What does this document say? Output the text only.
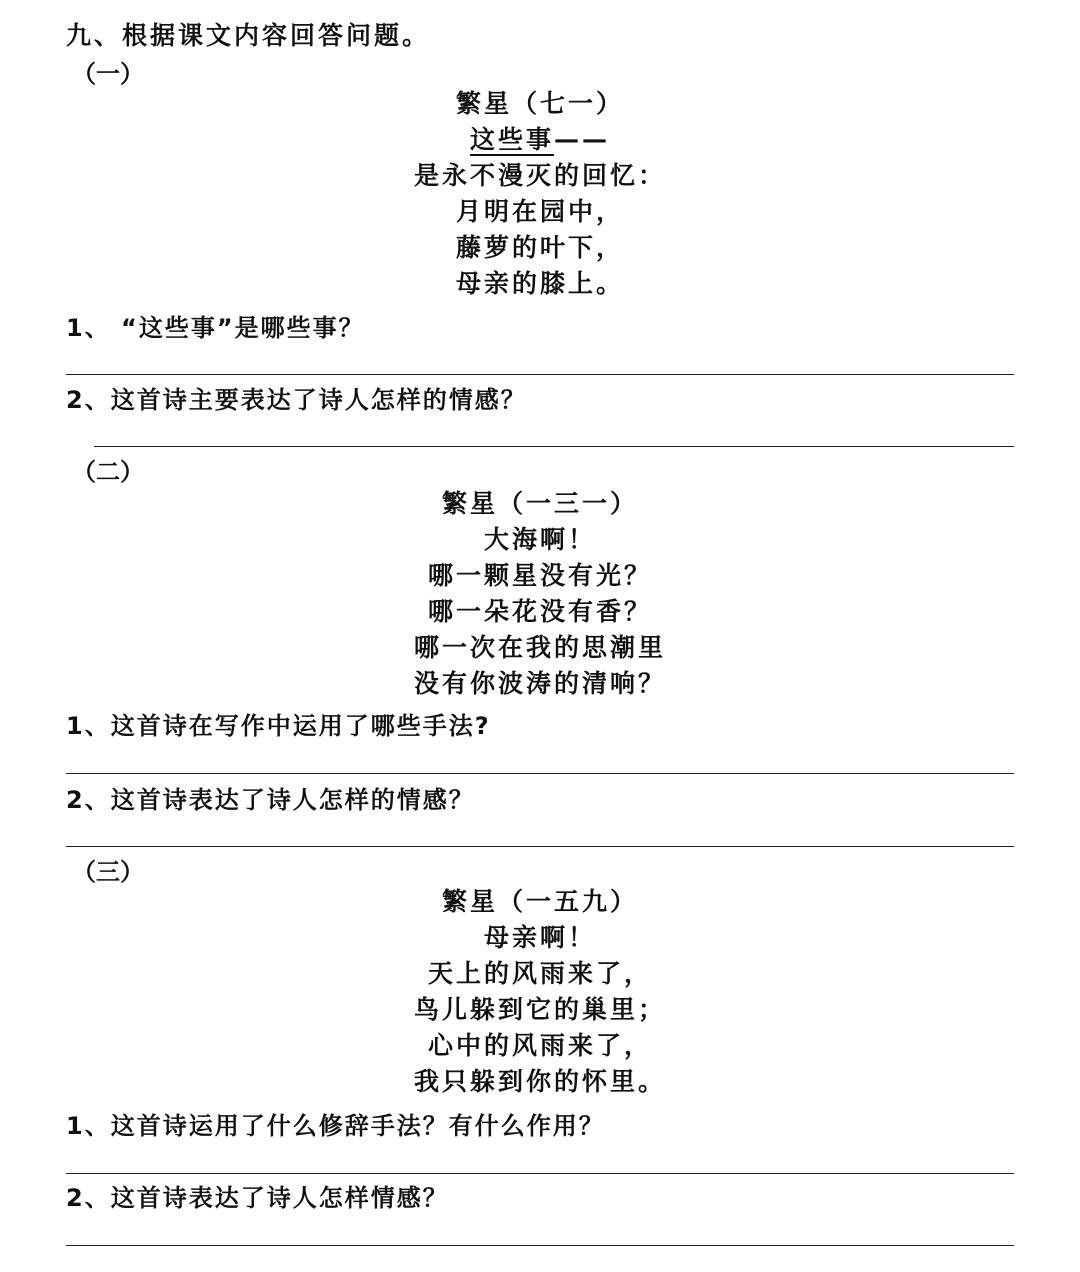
九、根据课文内容回答问题。
（一）
繁星（七一）
这些事——
是永不漫灭的回忆：
月明在园中，
藤萝的叶下，
母亲的膝上。
1、 “这些事”是哪些事？
2、这首诗主要表达了诗人怎样的情感？
（二）
繁星（一三一）
大海啊！
哪一颗星没有光？
哪一朵花没有香？
哪一次在我的思潮里
没有你波涛的清响？
1、这首诗在写作中运用了哪些手法?
2、这首诗表达了诗人怎样的情感？
（三）
繁星（一五九）
母亲啊！
天上的风雨来了，
鸟儿躲到它的巢里；
心中的风雨来了，
我只躲到你的怀里。
1、这首诗运用了什么修辞手法？有什么作用？
2、这首诗表达了诗人怎样情感？
